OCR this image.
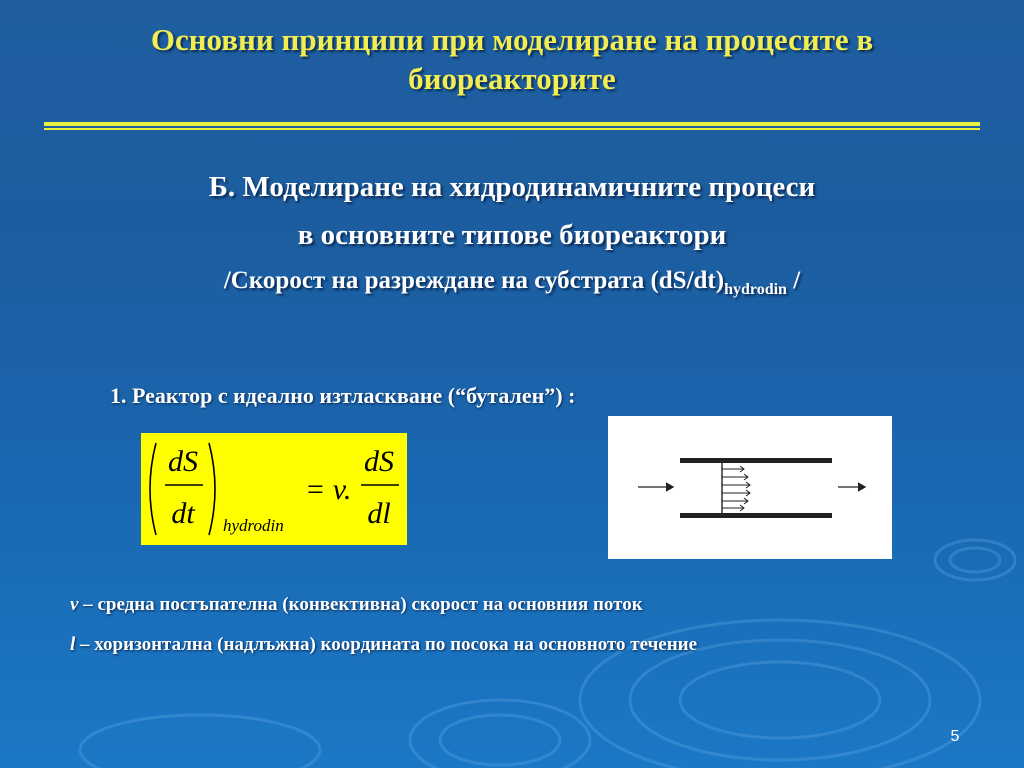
Основни принципи при моделиране на процесите в биореакторите
Б. Моделиране на хидродинамичните процеси
в основните типове биореактори
/Скорост на разреждане на субстрата $(dS/dt)_{hydrodin}$ /
1. Реактор с идеално изтласкване (“бутален”) :
dS
dt hydrodin
= v.
dS
dl
v – средна постъпателна (конвективна) скорост на основния поток
l – хоризонтална (надлъжна) координата по посока на основното течение
5
